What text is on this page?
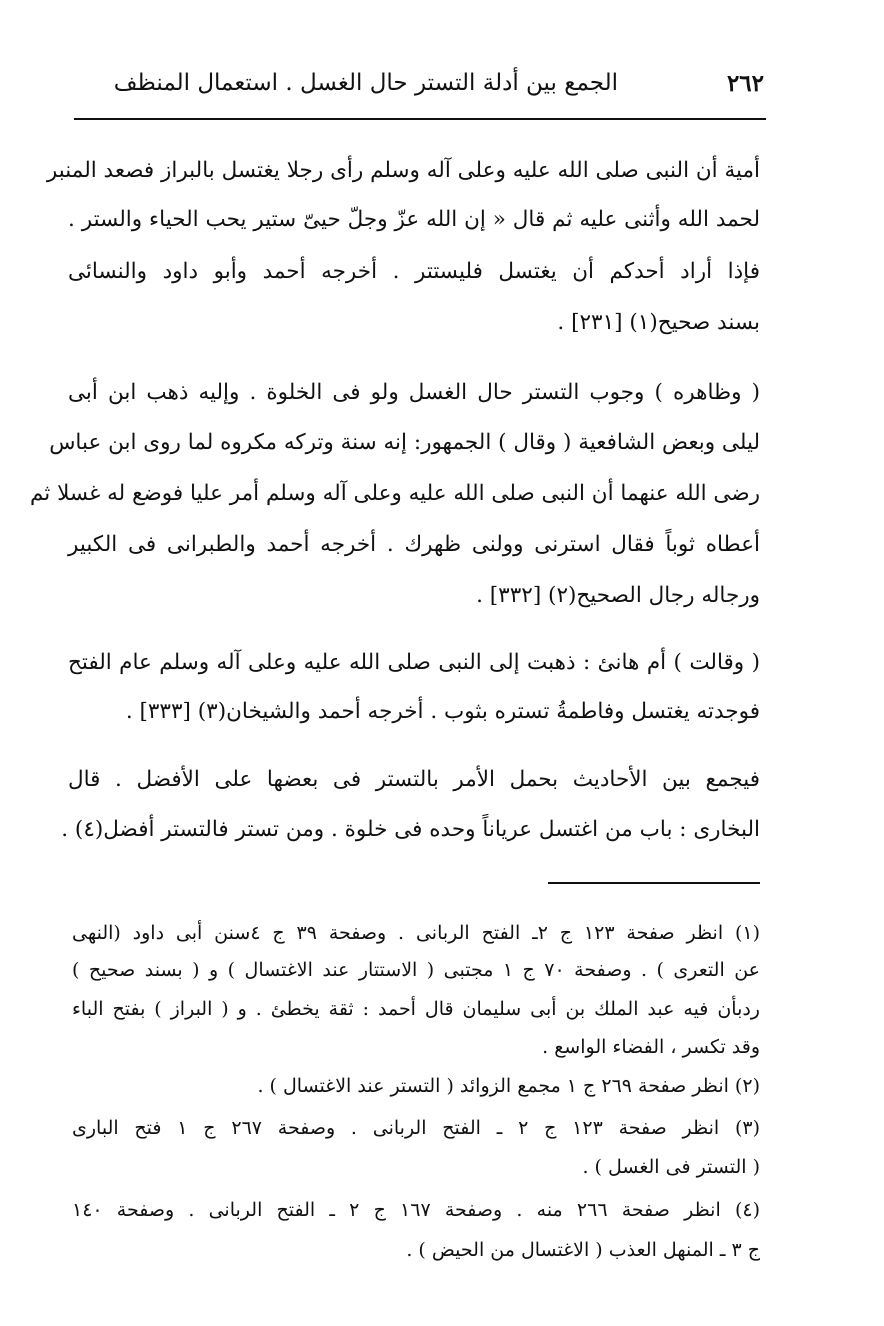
الجمع بين أدلة التستر حال الغسل . استعمال المنظف	٢٦٢
أمية أن النبى صلى الله عليه وعلى آله وسلم رأى رجلا يغتسل بالبراز فصعد المنبر
لحمد الله وأثنى عليه ثم قال « إن الله عزّ وجلّ حيىّ ستير يحب الحياء والستر .
فإذا أراد أحدكم أن يغتسل فليستتر . أخرجه أحمد وأبو داود والنسائى
بسند صحيح(١) [٢٣١] .
( وظاهره ) وجوب التستر حال الغسل ولو فى الخلوة . وإليه ذهب ابن أبى
ليلى وبعض الشافعية ( وقال ) الجمهور: إنه سنة وتركه مكروه لما روى ابن عباس
رضى الله عنهما أن النبى صلى الله عليه وعلى آله وسلم أمر عليا فوضع له غسلا ثم
أعطاه ثوباً فقال استرنى وولنى ظهرك . أخرجه أحمد والطبرانى فى الكبير
ورجاله رجال الصحيح(٢) [٣٣٢] .
( وقالت ) أم هانئ : ذهبت إلى النبى صلى الله عليه وعلى آله وسلم عام الفتح
فوجدته يغتسل وفاطمةُ تستره بثوب . أخرجه أحمد والشيخان(٣) [٣٣٣] .
فيجمع بين الأحاديث بحمل الأمر بالتستر فى بعضها على الأفضل . قال
البخارى : باب من اغتسل عرياناً وحده فى خلوة . ومن تستر فالتستر أفضل(٤) .
(١) انظر صفحة ١٢٣ ج ٢ـ الفتح الربانى . وصفحة ٣٩ ج ٤سنن أبى داود (النهى
عن التعرى ) . وصفحة ٧٠ ج ١ مجتبى ( الاستتار عند الاغتسال ) و ( بسند صحيح )
ردبأن فيه عبد الملك بن أبى سليمان قال أحمد : ثقة يخطئ . و ( البراز ) بفتح الباء
وقد تكسر ، الفضاء الواسع .
(٢) انظر صفحة ٢٦٩ ج ١ مجمع الزوائد ( التستر عند الاغتسال ) .
(٣) انظر صفحة ١٢٣ ج ٢ ـ الفتح الربانى . وصفحة ٢٦٧ ج ١ فتح البارى
( التستر فى الغسل ) .
(٤) انظر صفحة ٢٦٦ منه . وصفحة ١٦٧ ج ٢ ـ الفتح الربانى . وصفحة ١٤٠
ج ٣ ـ المنهل العذب ( الاغتسال من الحيض ) .
